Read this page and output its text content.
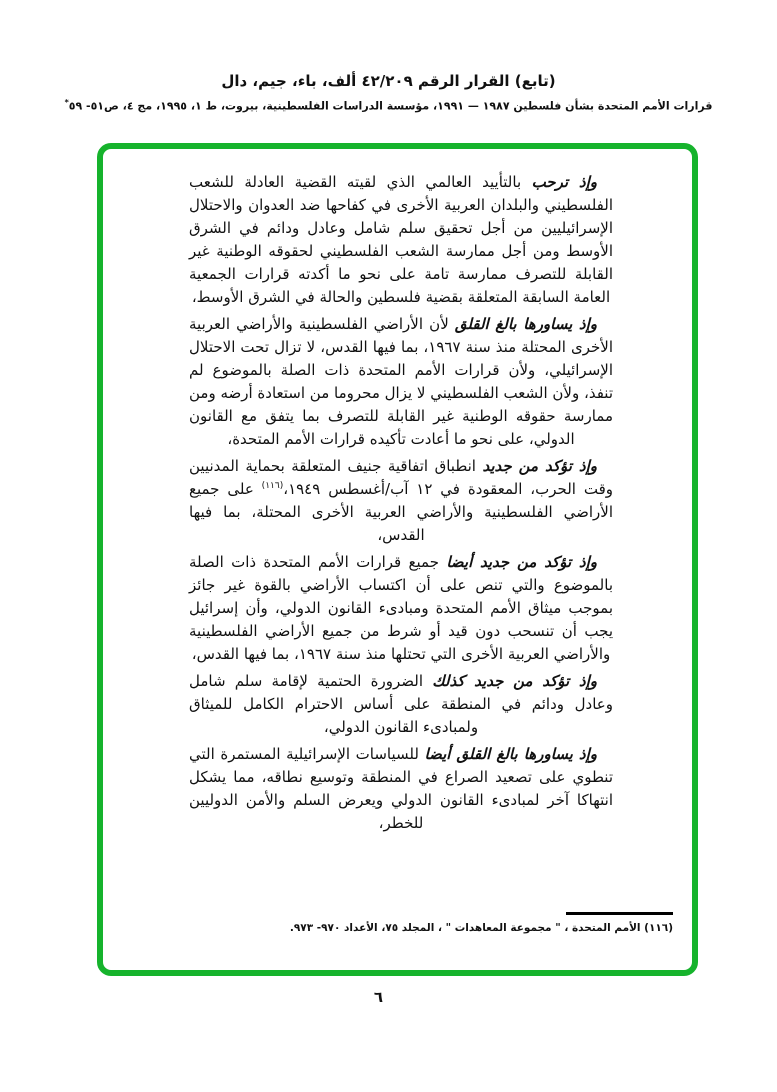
(تابع) القرار الرقم ٤٢/٢٠٩ ألف، باء، جيم، دال
قرارات الأمم المتحدة بشأن فلسطين ١٩٨٧ — ١٩٩١، مؤسسة الدراسات الفلسطينية، بيروت، ط ١، ١٩٩٥، مج ٤، ص٥١- ٥٩*

وإذ ترحب بالتأييد العالمي الذي لقيته القضية العادلة للشعب الفلسطيني والبلدان العربية الأخرى في كفاحها ضد العدوان والاحتلال الإسرائيليين من أجل تحقيق سلم شامل وعادل ودائم في الشرق الأوسط ومن أجل ممارسة الشعب الفلسطيني لحقوقه الوطنية غير القابلة للتصرف ممارسة تامة على نحو ما أكدته قرارات الجمعية العامة السابقة المتعلقة بقضية فلسطين والحالة في الشرق الأوسط،

وإذ يساورها بالغ القلق لأن الأراضي الفلسطينية والأراضي العربية الأخرى المحتلة منذ سنة ١٩٦٧، بما فيها القدس، لا تزال تحت الاحتلال الإسرائيلي، ولأن قرارات الأمم المتحدة ذات الصلة بالموضوع لم تنفذ، ولأن الشعب الفلسطيني لا يزال محروما من استعادة أرضه ومن ممارسة حقوقه الوطنية غير القابلة للتصرف بما يتفق مع القانون الدولي، على نحو ما أعادت تأكيده قرارات الأمم المتحدة،

وإذ تؤكد من جديد انطباق اتفاقية جنيف المتعلقة بحماية المدنيين وقت الحرب، المعقودة في ١٢ آب/أغسطس ١٩٤٩،$^{(١١٦)}$ على جميع الأراضي الفلسطينية والأراضي العربية الأخرى المحتلة، بما فيها القدس،

وإذ تؤكد من جديد أيضا جميع قرارات الأمم المتحدة ذات الصلة بالموضوع والتي تنص على أن اكتساب الأراضي بالقوة غير جائز بموجب ميثاق الأمم المتحدة ومبادىء القانون الدولي، وأن إسرائيل يجب أن تنسحب دون قيد أو شرط من جميع الأراضي الفلسطينية والأراضي العربية الأخرى التي تحتلها منذ سنة ١٩٦٧، بما فيها القدس،

وإذ تؤكد من جديد كذلك الضرورة الحتمية لإقامة سلم شامل وعادل ودائم في المنطقة على أساس الاحترام الكامل للميثاق ولمبادىء القانون الدولي،

وإذ يساورها بالغ القلق أيضا للسياسات الإسرائيلية المستمرة التي تنطوي على تصعيد الصراع في المنطقة وتوسيع نطاقه، مما يشكل انتهاكا آخر لمبادىء القانون الدولي ويعرض السلم والأمن الدوليين للخطر،

(١١٦) الأمم المتحدة ، " مجموعة المعاهدات " ، المجلد ٧٥، الأعداد ٩٧٠- ٩٧٣.
٦
